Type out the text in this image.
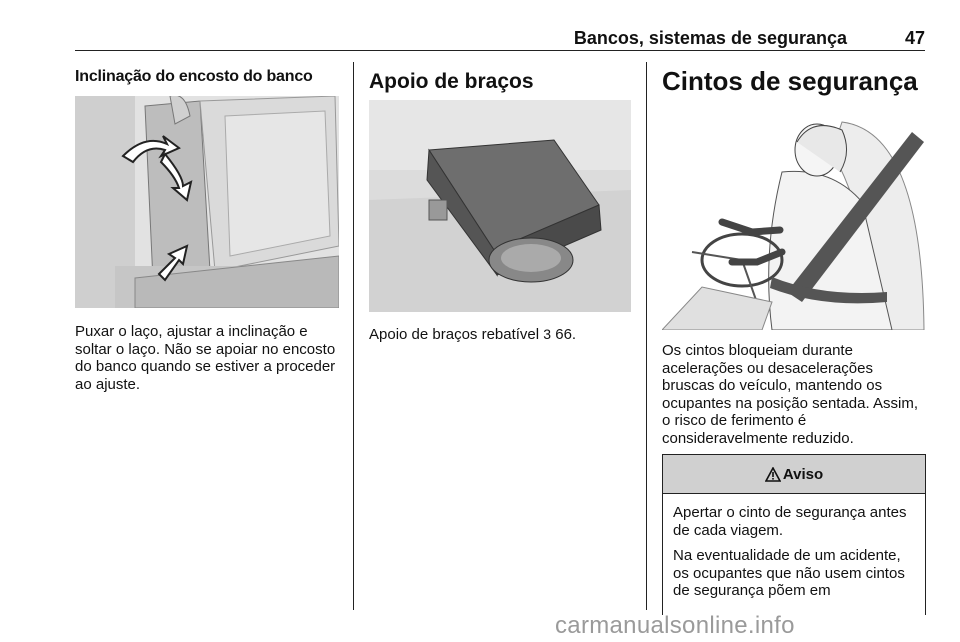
Bancos, sistemas de segurança	47
Inclinação do encosto do banco

Puxar o laço, ajustar a inclinação e soltar o laço. Não se apoiar no encosto do banco quando se estiver a proceder ao ajuste.

Apoio de braços

Apoio de braços rebatível 3 66.

Cintos de segurança

Os cintos bloqueiam durante acelerações ou desacelerações bruscas do veículo, mantendo os ocupantes na posição sentada. Assim, o risco de ferimento é consideravelmente reduzido.

Aviso

Apertar o cinto de segurança antes de cada viagem.

Na eventualidade de um acidente, os ocupantes que não usem cintos de segurança põem em

carmanualsonline.info
